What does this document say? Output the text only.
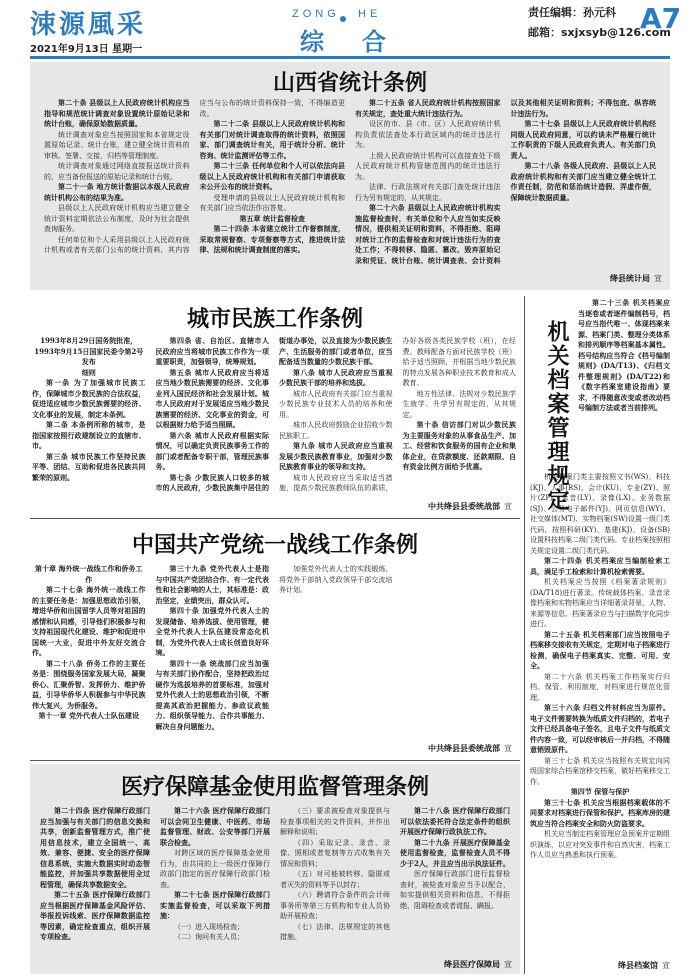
涑源風采
2021年9月13日 星期一
ZONG HE
综 合
责任编辑：孙元科
邮箱：sxjxsyb@126.com
A7
山西省统计条例

第二十条 县级以上人民政府统计机构应当指导和规范统计调查对象设置统计原始记录和统计台账，确保原始数据质量。

统计调查对象应当按照国家和本省规定设置原始记录、统计台账，建立健全统计资料的审核、签署、交接、归档等管理制度。

统计调查对象通过网络直接报送统计资料的，应当备份报送的原始记录和统计台账。

第二十一条 地方统计数据以本级人民政府统计机构公布的结果为准。

县级以上人民政府统计机构应当建立健全统计资料定期依法公布制度，及时为社会提供查询服务。

任何单位和个人采用县级以上人民政府统计机构或者有关部门公布的统计资料，其内容应当与公布的统计资料保持一致，不得编造更改。

第二十二条 县级以上人民政府统计机构和有关部门对统计调查取得的统计资料，依照国家、部门调查统计有关，用于统计分析、统计咨询、统计监测评估等工作。

第二十三条 任何单位和个人可以依法向县级以上人民政府统计机构和有关部门申请获取未公开公布的统计资料。

受理申请的县级以上人民政府统计机构和有关部门应当依法作出答复。

第五章 统计监督检查

第二十四条 本省建立统计工作督察制度，采取常规督察、专项督察等方式，推进统计法律、法规和统计调查制度的落实。

第二十五条 省人民政府统计机构按照国家有关规定，查处重大统计违法行为。

设区的市、县（市、区）人民政府统计机构负责依法查处本行政区域内的统计违法行为。

上级人民政府统计机构可以直接查处下级人民政府统计机构管辖范围内的统计违法行为。

法律、行政法规对有关部门查处统计违法行为另有规定的，从其规定。

第二十六条 县级以上人民政府统计机构实施监督检查时，有关单位和个人应当如实反映情况，提供相关证明和资料，不得拒绝、阻碍对统计工作的监督检查和对统计违法行为的查处工作；不得转移、隐匿、篡改、毁弃原始记录和凭证、统计台账、统计调查表、会计资料以及其他相关证明和资料；不得包庇、纵容统计违法行为。

第二十七条 县级以上人民政府统计机构经同级人民政府同意，可以约谈未严格履行统计工作职责的下级人民政府负责人、有关部门负责人。

第二十八条 各级人民政府、县级以上人民政府统计机构和有关部门应当建立健全统计工作责任制，防范和惩治统计造假、弄虚作假，保障统计数据质量。

绛县统计局 宣
城市民族工作条例

1993年8月29日国务院批准，1993年9月15日国家民委令第2号发布

细则

第一条 为了加强城市民族工作，保障城市少数民族的合法权益，促进适应城市少数民族需要的经济、文化事业的发展，制定本条例。

第二条 本条例所称的城市，是指国家按照行政建制设立的直辖市、市。

第三条 城市民族工作坚持民族平等、团结、互助和促进各民族共同繁荣的原则。

第四条 省、自治区、直辖市人民政府应当将城市民族工作作为一项重要职责，加强领导，统筹规划。

第五条 城市人民政府应当将适应当地少数民族需要的经济、文化事业列入国民经济和社会发展计划。城市人民政府对于发展适应当地少数民族需要的经济、文化事业的资金，可以根据财力给予适当照顾。

第六条 城市人民政府根据实际情况，可以确定负责民族事务工作的部门或者配备专职干部，管理民族事务。

第七条 少数民族人口较多的城市的人民政府，少数民族集中居住的街道办事处，以及直接为少数民族生产、生活服务的部门或者单位，应当配备适当数量的少数民族干部。

第八条 城市人民政府应当重视少数民族干部的培养和选拔。

城市人民政府有关部门应当重视少数民族专业技术人员的培养和使用。

城市人民政府鼓励企业招收少数民族职工。

第九条 城市人民政府应当重视发展少数民族教育事业，加强对少数民族教育事业的领导和支持。

城市人民政府应当采取适当措施，提高少数民族教师队伍的素质，办好各级各类民族学校（班），在经费、教师配备方面对民族学校（班）给予适当照顾，并根据当地少数民族的特点发展各种职业技术教育和成人教育。

地方性法律、法规对少数民族学生就学、升学另有规定的，从其规定。

第十条 信访部门对以少数民族为主要服务对象的从事食品生产、加工、经营和饮食服务的国有企业和集体企业，在贷款额度、还款期限、自有资金比例方面给予优惠。

中共绛县县委统战部 宣
中国共产党统一战线工作条例

第十章 海外统一战线工作和侨务工作

第二十七条 海外统一战线工作的主要任务是：加强思想政治引领，增进华侨和出国留学人员等对祖国的感情和认同感，引导他们积极参与和支持祖国现代化建设、维护和促进中国统一大业，促进中外友好交流合作。

第二十八条 侨务工作的主要任务是：围绕服务国家发展大局，凝聚侨心、汇聚侨智、发挥侨力、维护侨益，引导华侨华人积极参与中华民族伟大复兴，为侨服务。

第十一章 党外代表人士队伍建设

第三十九条 党外代表人士是指与中国共产党团结合作、有一定代表性和社会影响的人士，其标准是：政治坚定，业绩突出，群众认可。

第四十条 加强党外代表人士的发现储备、培养选拔、使用管理，健全党外代表人士队伍建设常态化机制，为党外代表人士成长创造良好环境。

第四十一条 统战部门应当加强与有关部门协作配合，坚持把政治过硬作为选拔培养的首要标准，加强对党外代表人士的思想政治引领，不断提高其政治把握能力、参政议政能力、组织领导能力、合作共事能力、解决自身问题能力。

加强党外代表人士的实践锻炼，将党外干部纳入党政领导干部交流培养计划。

中共绛县县委统战部 宣
医疗保障基金使用监督管理条例

第二十四条 医疗保障行政部门应当加强与有关部门的信息交换和共享，创新监督管理方式，推广使用信息技术，建立全国统一、高效、兼容、便捷、安全的医疗保障信息系统，实施大数据实时动态智能监控，并加强共享数据使用全过程管理，确保共享数据安全。

第二十五条 医疗保障行政部门应当根据医疗保障基金风险评估、举报投诉线索、医疗保障数据监控等因素，确定检查重点，组织开展专项检查。

第二十六条 医疗保障行政部门可以会同卫生健康、中医药、市场监督管理、财政、公安等部门开展联合检查。

对跨区域的医疗保障基金使用行为，由共同的上一级医疗保障行政部门指定的医疗保障行政部门检查。

第二十七条 医疗保障行政部门实施监督检查，可以采取下列措施：

（一）进入现场检查；

（二）询问有关人员；

（三）要求被检查对象提供与检查事项相关的文件资料，并作出解释和说明；

（四）采取记录、录音、录像、照相或者复制等方式收集有关情况和资料；

（五）对可能被转移、隐匿或者灭失的资料等予以封存；

（六）聘请符合条件的会计师事务所等第三方机构和专业人员协助开展检查；

（七）法律、法规规定的其他措施。

第二十八条 医疗保障行政部门可以依法委托符合法定条件的组织开展医疗保障行政执法工作。

第二十九条 开展医疗保障基金使用监督检查，监督检查人员不得少于2人，并且应当出示执法证件。

医疗保障行政部门进行监督检查时，被检查对象应当予以配合，如实提供相关资料和信息，不得拒绝、阻碍检查或者谎报、瞒报。

绛县医疗保障局 宣
机关档案管理规定

第二十三条 机关档案应当逐卷或者逐件编制档号，档号应当指代唯一、体现档案来源、档案门类、整理分类体系和排列顺序等档案基本属性。档号结构应当符合《档号编制规则》(DA/T13)、《归档文件整理规则》(DA/T22)和《数字档案室建设指南》要求，不得随意改变或者改动档号编制方法或者当前排列。

机关档案门类主要按照文书(WS)、科技(KJ)、人事(RS)、会计(KU)、专业(ZY)、照片(ZP)、录音(LY)、录像(LX)、业务数据(SJ)、公务电子邮件(YJ)、网页信息(WY)、社交媒体(MT)、实物档案(SW)设置一级门类代码，按照科研(KY)、基建(KJ)、设备(SB)设置科技档案二级门类代码。专业档案按照相关规定设置二级门类代码。

第二十四条 机关档案应当编制检索工具，满足手工检索和计算机检索需要。

机关档案应当按照《档案著录规则》(DA/T18)进行著录。传统载体档案、录音录像档案和实物档案应当详细著录背景、人物、来源等信息。档案著录应当与扫描数字化同步进行。

第二十五条 机关档案部门应当按照电子档案移交接收有关规定，定期对电子档案进行检测，确保电子档案真实、完整、可用、安全。

第二十六条 机关档案工作档案实行归档、保管、利用制度，对档案进行规范化管理。

第三十六条 归档文件材料应当为原件。电子文件需要转换为纸质文件归档的，若电子文件已经具备电子签名，且电子文件与纸质文件内容一致，可以经审核后一并归档，不得随意销毁原件。

第三十七条 机关应当按照有关规定向同级国家综合档案馆移交档案，做好档案移交工作。

第四节 保管与保护

第三十七条 机关应当根据档案载体的不同要求对档案进行保管和保护。档案库房的建筑应当符合档案安全和防火防盗要求。

机关应当制定档案管理应急预案并定期组织演练，以应对突发事件和自然灾害，档案工作人员应当熟悉和执行预案。

绛县档案馆 宣
